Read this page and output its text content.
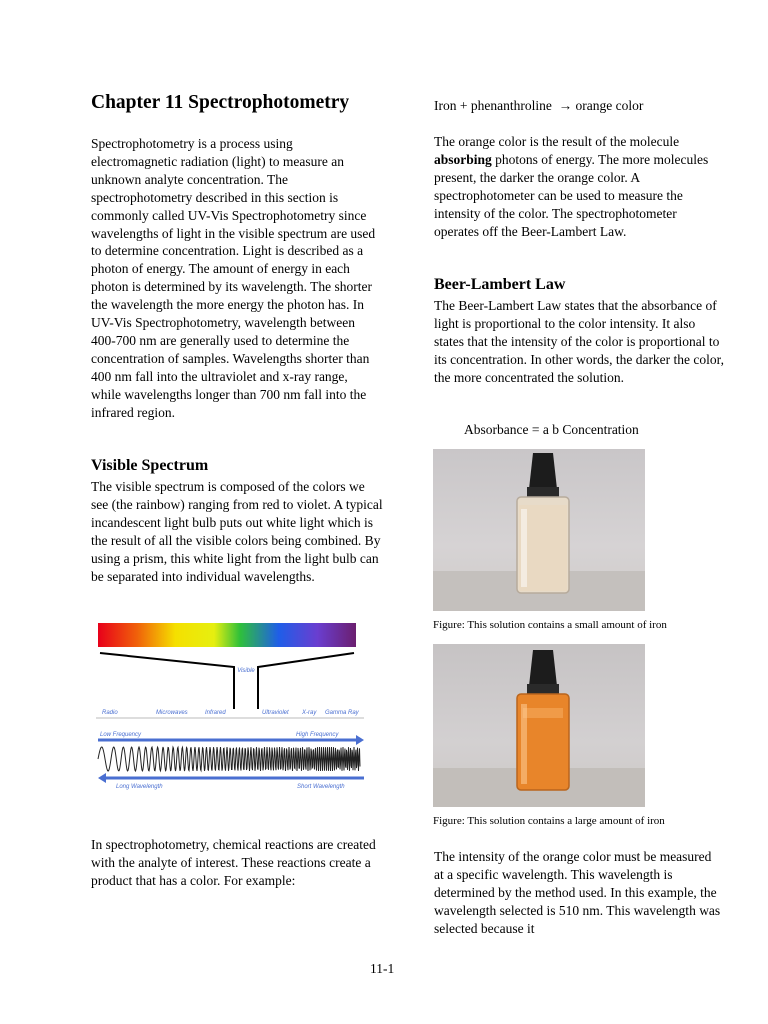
Chapter 11 Spectrophotometry

Spectrophotometry is a process using electromagnetic radiation (light) to measure an unknown analyte concentration. The spectrophotometry described in this section is commonly called UV-Vis Spectrophotometry since wavelengths of light in the visible spectrum are used to determine concentration. Light is described as a photon of energy. The amount of energy in each photon is determined by its wavelength. The shorter the wavelength the more energy the photon has. In UV-Vis Spectrophotometry, wavelength between 400-700 nm are generally used to determine the concentration of samples. Wavelengths shorter than 400 nm fall into the ultraviolet and x-ray range, while wavelengths longer than 700 nm fall into the infrared region.

Visible Spectrum

The visible spectrum is composed of the colors we see (the rainbow) ranging from red to violet. A typical incandescent light bulb puts out white light which is the result of all the visible colors being combined. By using a prism, this white light from the light bulb can be separated into individual wavelengths.

Visible
Radio	Microwaves	Infrared	Ultraviolet X-ray Gamma Ray
Low Frequency	High Frequency
Long Wavelength	Short Wavelength

In spectrophotometry, chemical reactions are created with the analyte of interest. These reactions create a product that has a color. For example:

Iron + phenanthroline → orange color

The orange color is the result of the molecule absorbing photons of energy. The more molecules present, the darker the orange color. A spectrophotometer can be used to measure the intensity of the color. The spectrophotometer operates off the Beer-Lambert Law.

Beer-Lambert Law

The Beer-Lambert Law states that the absorbance of light is proportional to the color intensity. It also states that the intensity of the color is proportional to its concentration. In other words, the darker the color, the more concentrated the solution.

Absorbance = a b Concentration
Figure: This solution contains a small amount of iron
Figure: This solution contains a large amount of iron

The intensity of the orange color must be measured at a specific wavelength. This wavelength is determined by the method used. In this example, the wavelength selected is 510 nm. This wavelength was selected because it

11-1
